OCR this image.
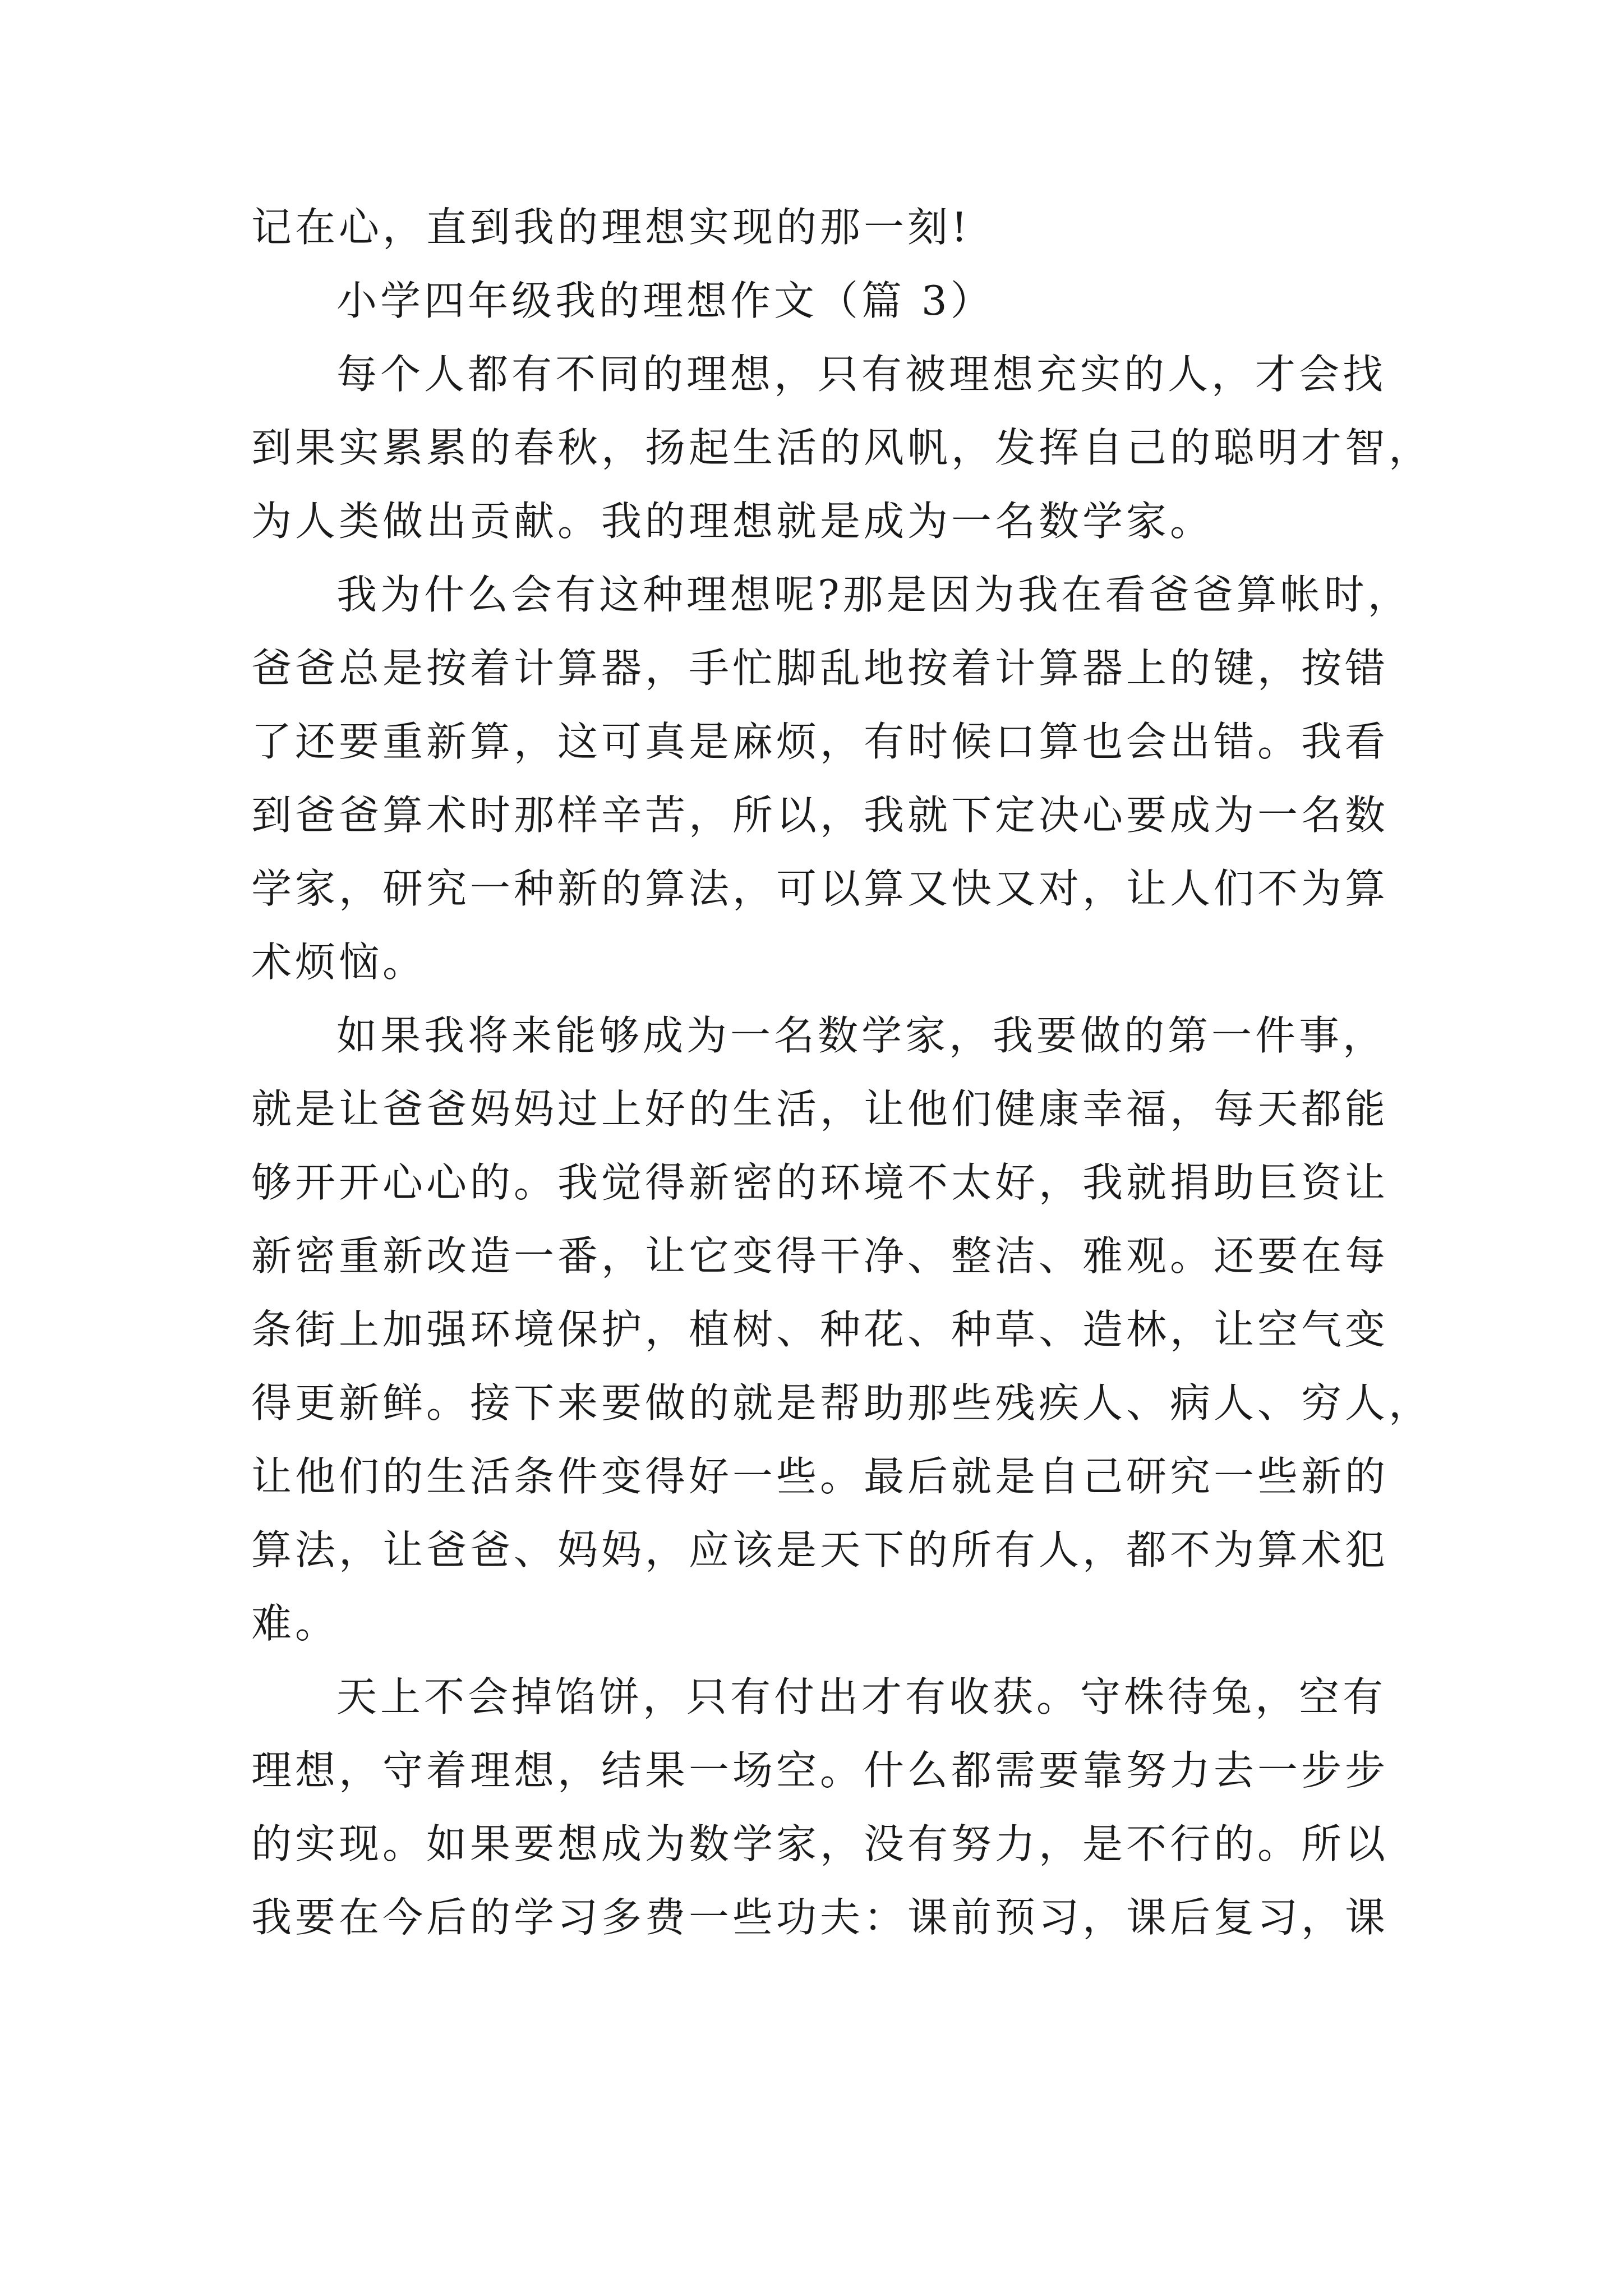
记在心，直到我的理想实现的那一刻!
小学四年级我的理想作文（篇 3）
每个人都有不同的理想，只有被理想充实的人，才会找
到果实累累的春秋，扬起生活的风帆，发挥自己的聪明才智，
为人类做出贡献。我的理想就是成为一名数学家。
我为什么会有这种理想呢?那是因为我在看爸爸算帐时，
爸爸总是按着计算器，手忙脚乱地按着计算器上的键，按错
了还要重新算，这可真是麻烦，有时候口算也会出错。我看
到爸爸算术时那样辛苦，所以，我就下定决心要成为一名数
学家，研究一种新的算法，可以算又快又对，让人们不为算
术烦恼。
如果我将来能够成为一名数学家，我要做的第一件事，
就是让爸爸妈妈过上好的生活，让他们健康幸福，每天都能
够开开心心的。我觉得新密的环境不太好，我就捐助巨资让
新密重新改造一番，让它变得干净、整洁、雅观。还要在每
条街上加强环境保护，植树、种花、种草、造林，让空气变
得更新鲜。接下来要做的就是帮助那些残疾人、病人、穷人，
让他们的生活条件变得好一些。最后就是自己研究一些新的
算法，让爸爸、妈妈，应该是天下的所有人，都不为算术犯
难。
天上不会掉馅饼，只有付出才有收获。守株待兔，空有
理想，守着理想，结果一场空。什么都需要靠努力去一步步
的实现。如果要想成为数学家，没有努力，是不行的。所以
我要在今后的学习多费一些功夫：课前预习，课后复习，课
